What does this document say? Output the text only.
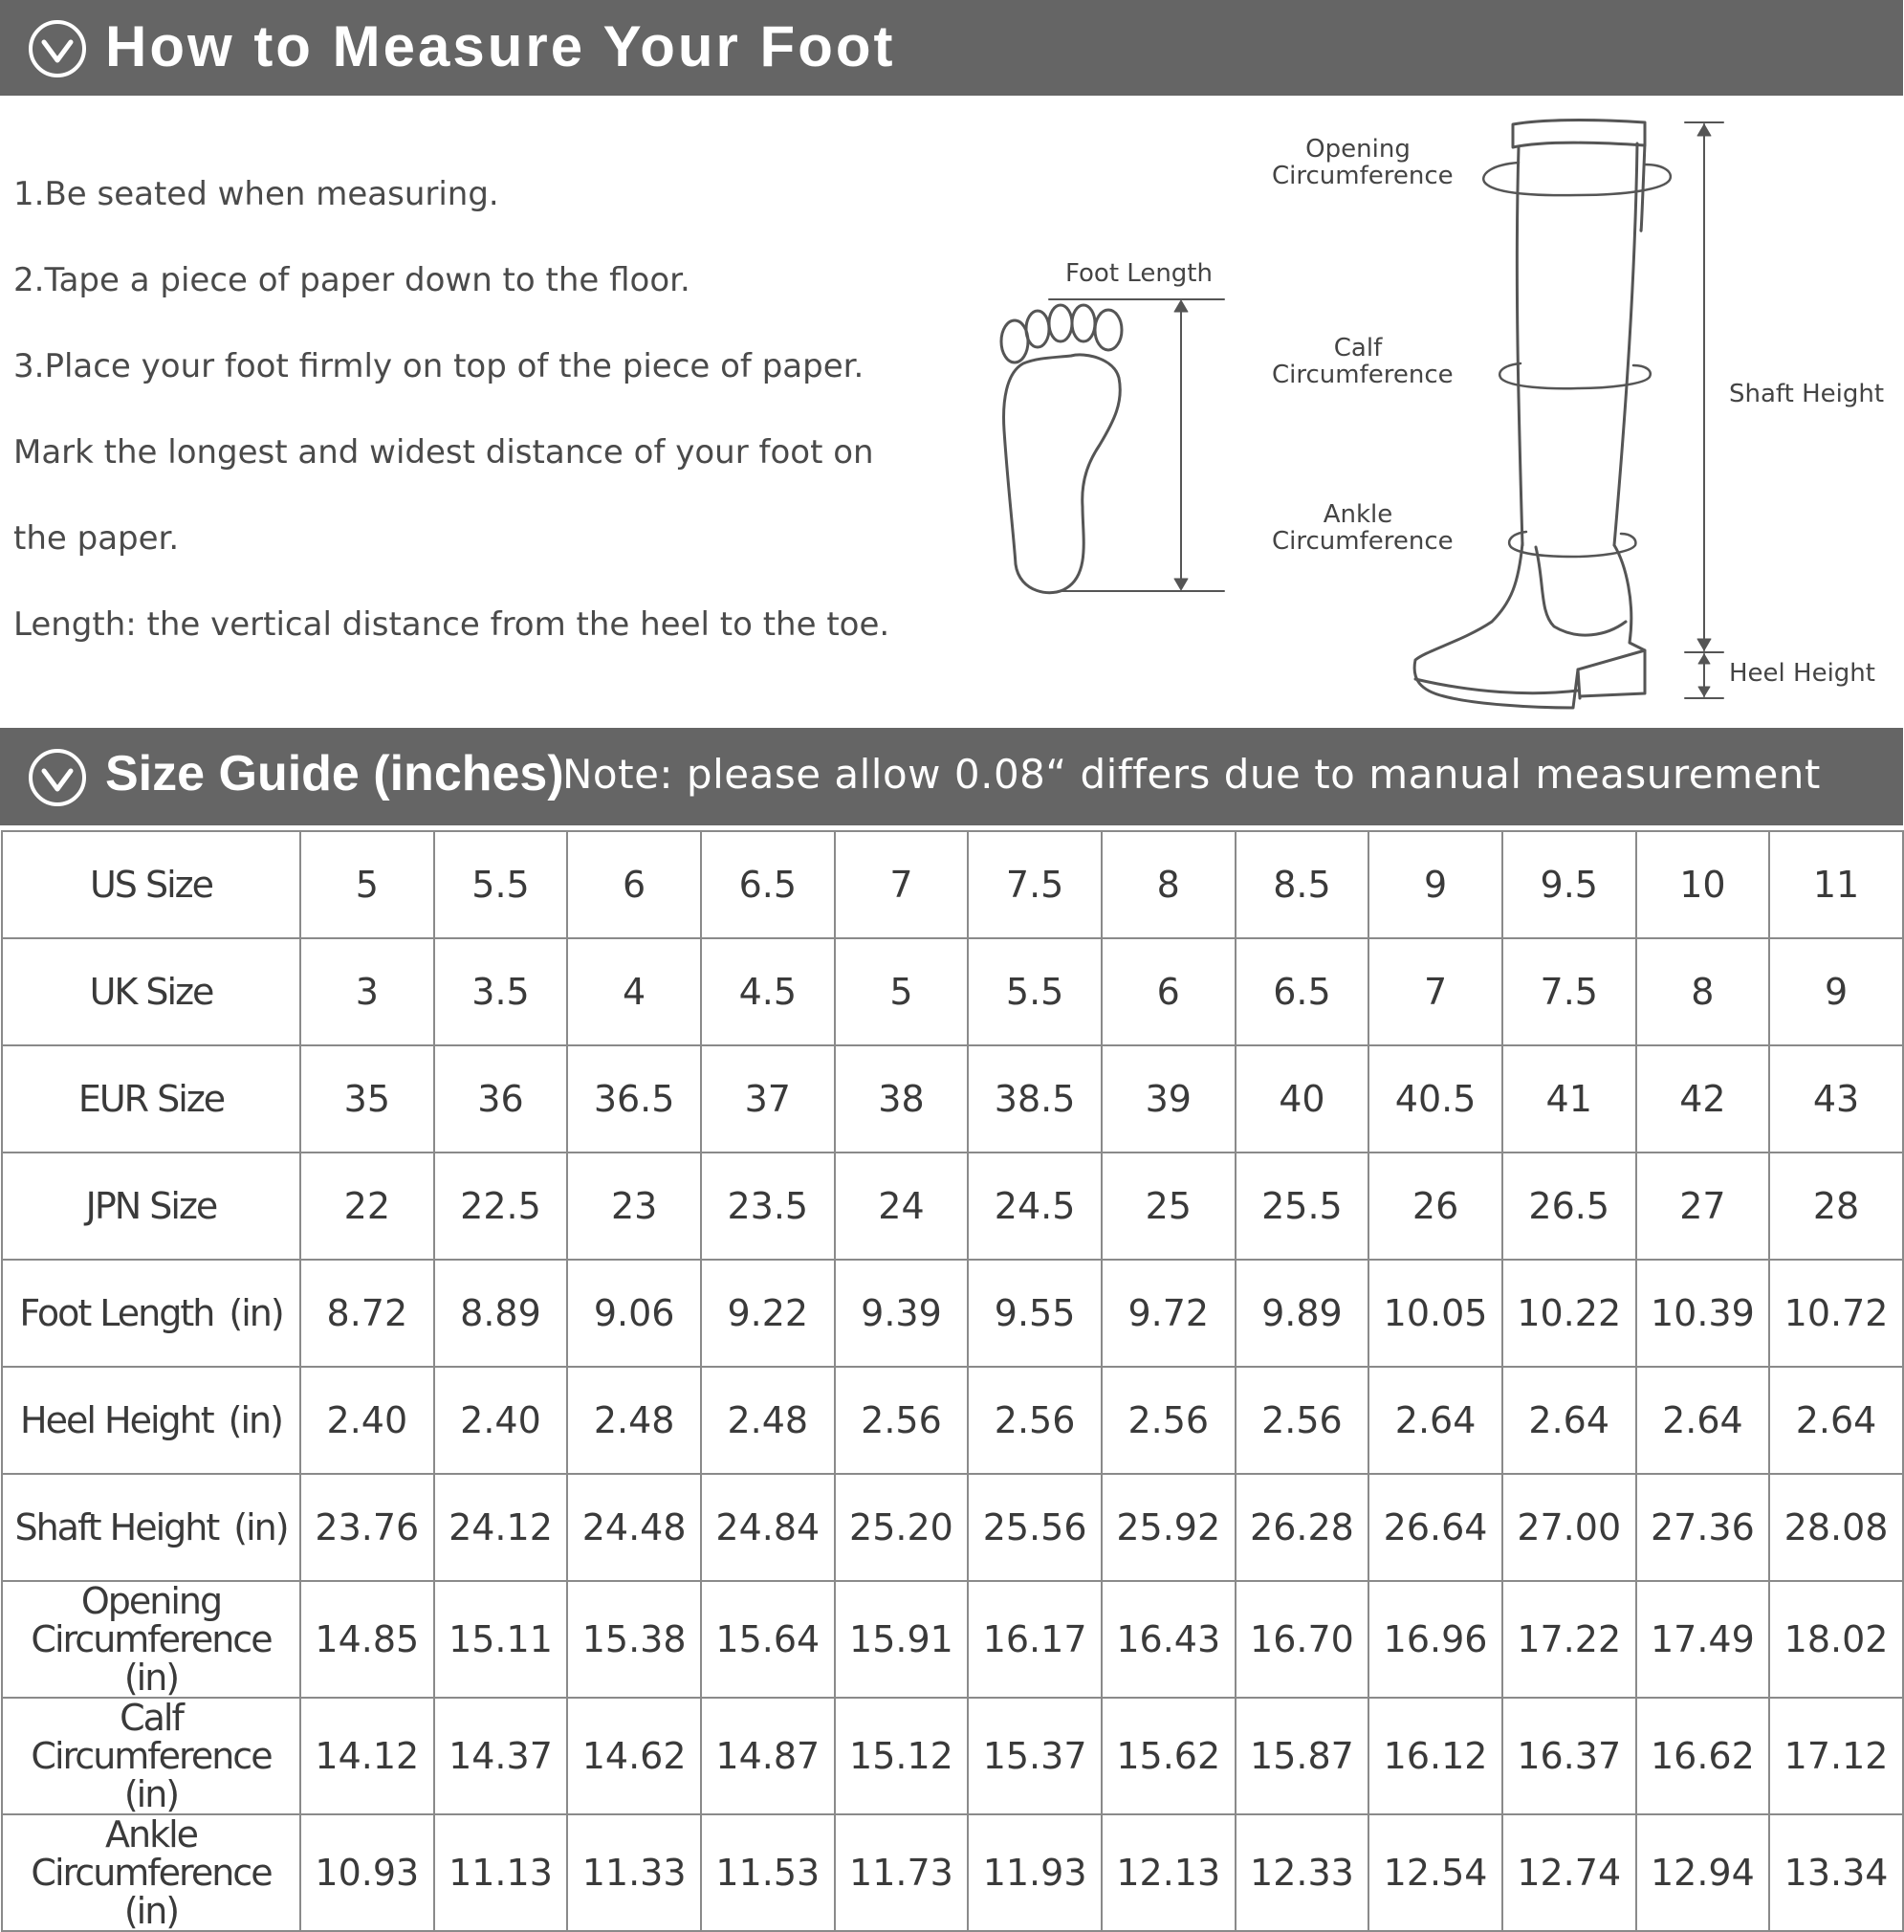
How to Measure Your Foot
1.Be seated when measuring.
2.Tape a piece of paper down to the floor.
3.Place your foot firmly on top of the piece of paper.
Mark the longest and widest distance of your foot on
the paper.
Length: the vertical distance from the heel to the toe.
Foot Length
Opening
Circumference
Calf
Circumference
Ankle
Circumference
Shaft Height
Heel Height
Size Guide (inches)
Note: please allow 0.08“ differs due to manual measurement
US Size	5	5.5	6	6.5	7	7.5	8	8.5	9	9.5	10	11
UK Size	3	3.5	4	4.5	5	5.5	6	6.5	7	7.5	8	9
EUR Size	35	36	36.5	37	38	38.5	39	40	40.5	41	42	43
JPN Size	22	22.5	23	23.5	24	24.5	25	25.5	26	26.5	27	28
Foot Length (in)	8.72	8.89	9.06	9.22	9.39	9.55	9.72	9.89	10.05	10.22	10.39	10.72
Heel Height (in)	2.40	2.40	2.48	2.48	2.56	2.56	2.56	2.56	2.64	2.64	2.64	2.64
Shaft Height (in)	23.76	24.12	24.48	24.84	25.20	25.56	25.92	26.28	26.64	27.00	27.36	28.08

Opening
Circumference (in)	14.85	15.11	15.38	15.64	15.91	16.17	16.43	16.70	16.96	17.22	17.49	18.02

Calf
Circumference (in)	14.12	14.37	14.62	14.87	15.12	15.37	15.62	15.87	16.12	16.37	16.62	17.12

Ankle
Circumference (in)	10.93	11.13	11.33	11.53	11.73	11.93	12.13	12.33	12.54	12.74	12.94	13.34
